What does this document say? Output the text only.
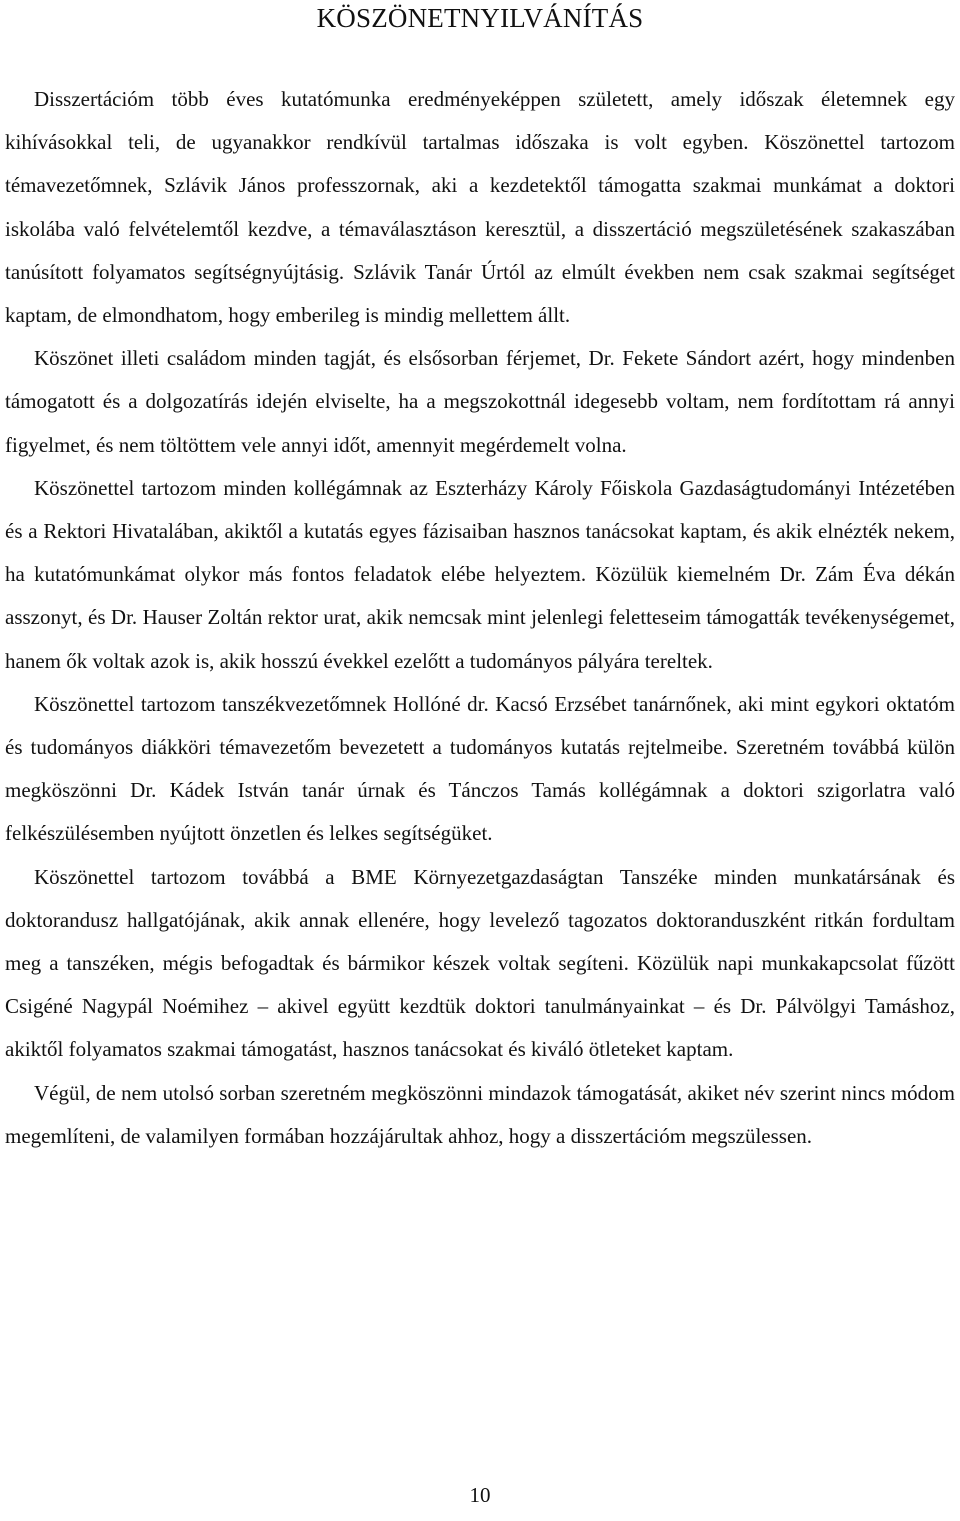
KÖSZÖNETNYILVÁNÍTÁS

Disszertációm több éves kutatómunka eredményeképpen született, amely időszak életemnek egy kihívásokkal teli, de ugyanakkor rendkívül tartalmas időszaka is volt egyben. Köszönettel tartozom témavezetőmnek, Szlávik János professzornak, aki a kezdetektől támogatta szakmai munkámat a doktori iskolába való felvételemtől kezdve, a témaválasztáson keresztül, a disszertáció megszületésének szakaszában tanúsított folyamatos segítségnyújtásig. Szlávik Tanár Úrtól az elmúlt években nem csak szakmai segítséget kaptam, de elmondhatom, hogy emberileg is mindig mellettem állt.

Köszönet illeti családom minden tagját, és elsősorban férjemet, Dr. Fekete Sándort azért, hogy mindenben támogatott és a dolgozatírás idején elviselte, ha a megszokottnál idegesebb voltam, nem fordítottam rá annyi figyelmet, és nem töltöttem vele annyi időt, amennyit megérdemelt volna.

Köszönettel tartozom minden kollégámnak az Eszterházy Károly Főiskola Gazdaságtudományi Intézetében és a Rektori Hivatalában, akiktől a kutatás egyes fázisaiban hasznos tanácsokat kaptam, és akik elnézték nekem, ha kutatómunkámat olykor más fontos feladatok elébe helyeztem. Közülük kiemelném Dr. Zám Éva dékán asszonyt, és Dr. Hauser Zoltán rektor urat, akik nemcsak mint jelenlegi feletteseim támogatták tevékenységemet, hanem ők voltak azok is, akik hosszú évekkel ezelőtt a tudományos pályára tereltek.

Köszönettel tartozom tanszékvezetőmnek Hollóné dr. Kacsó Erzsébet tanárnőnek, aki mint egykori oktatóm és tudományos diákköri témavezetőm bevezetett a tudományos kutatás rejtelmeibe. Szeretném továbbá külön megköszönni Dr. Kádek István tanár úrnak és Tánczos Tamás kollégámnak a doktori szigorlatra való felkészülésemben nyújtott önzetlen és lelkes segítségüket.

Köszönettel tartozom továbbá a BME Környezetgazdaságtan Tanszéke minden munkatársának és doktorandusz hallgatójának, akik annak ellenére, hogy levelező tagozatos doktoranduszként ritkán fordultam meg a tanszéken, mégis befogadtak és bármikor készek voltak segíteni. Közülük napi munkakapcsolat fűzött Csigéné Nagypál Noémihez – akivel együtt kezdtük doktori tanulmányainkat – és Dr. Pálvölgyi Tamáshoz, akiktől folyamatos szakmai támogatást, hasznos tanácsokat és kiváló ötleteket kaptam.

Végül, de nem utolsó sorban szeretném megköszönni mindazok támogatását, akiket név szerint nincs módom megemlíteni, de valamilyen formában hozzájárultak ahhoz, hogy a disszertációm megszülessen.

10
